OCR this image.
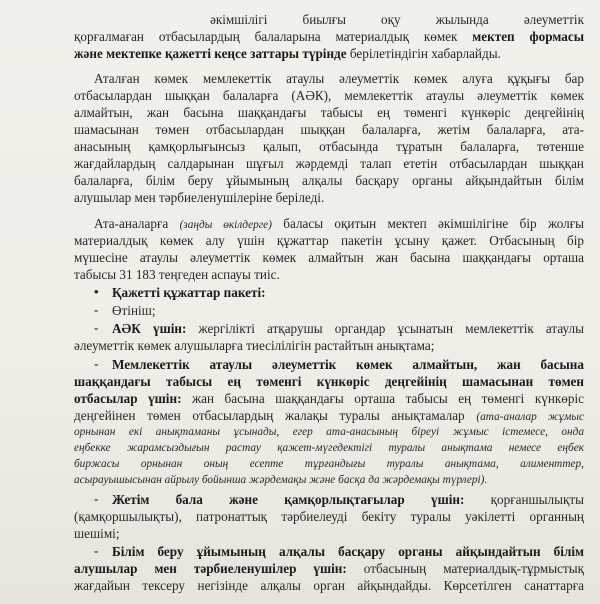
әкімшілігі биылғы оқу жылында әлеуметтік
қорғалмаған отбасылардың балаларына материалдық көмек мектеп формасы
және мектепке қажетті кеңсе заттары түрінде берілетіндігін хабарлайды.
Аталған көмек мемлекеттік атаулы әлеуметтік көмек алуға құқығы бар
отбасылардан шыққан балаларға (АӘК), мемлекеттік атаулы әлеуметтік көмек
алмайтын, жан басына шаққандағы табысы ең төменгі күнкөріс деңгейінің
шамасынан төмен отбасылардан шыққан балаларға, жетім балаларға, ата-
анасының қамқорлығынсыз қалып, отбасында тұратын балаларға, төтенше
жағдайлардың салдарынан шұғыл жәрдемді талап ететін отбасылардан шыққан
балаларға, білім беру ұйымының алқалы басқару органы айқындайтын білім
алушылар мен тәрбиеленушілеріне беріледі.
Ата-аналарға (заңды өкілдерге) баласы оқитын мектеп әкімшілігіне бір жолғы
материалдық көмек алу үшін құжаттар пакетін ұсыну қажет. Отбасының бір
мүшесіне атаулы әлеуметтік көмек алмайтын жан басына шаққандағы орташа
табысы 31 183 теңгеден аспауы тиіс.
• Қажетті құжаттар пакеті:
- Өтініш;
- АӘК үшін: жергілікті атқарушы органдар ұсынатын мемлекеттік атаулы
әлеуметтік көмек алушыларға тиесілілігін растайтын анықтама;
- Мемлекеттік атаулы әлеуметтік көмек алмайтын, жан басына
шаққандағы табысы ең төменгі күнкөріс деңгейінің шамасынан төмен
отбасылар үшін: жан басына шаққандағы орташа табысы ең төменгі күнкөріс
деңгейінен төмен отбасылардың жалақы туралы анықтамалар (ата-аналар жұмыс
орнынан екі анықтаманы ұсынады, егер ата-анасының біреуі жұмыс істемесе, онда
еңбекке жарамсыздығын растау қажет-мүгедектігі туралы анықтама немесе еңбек
биржасы орнынан оның есепте тұрғандығы туралы анықтама, алименттер,
асырауышысынан айрылу бойынша жәрдемақы жəне басқа да жәрдемақы түрлері).
- Жетім бала және қамқорлықтағылар үшін: қорғаншылықты
(қамқоршылықты), патронаттық тәрбиелеуді бекіту туралы уәкілетті органның
шешімі;
Білім беру ұйымының алқалы басқару органы айқындайтын білім
-
алушылар мен тәрбиеленушілер үшін: отбасының материалдық-тұрмыстық
жағдайын тексеру негізінде алқалы орган айқындайды. Көрсетілген санаттарға
